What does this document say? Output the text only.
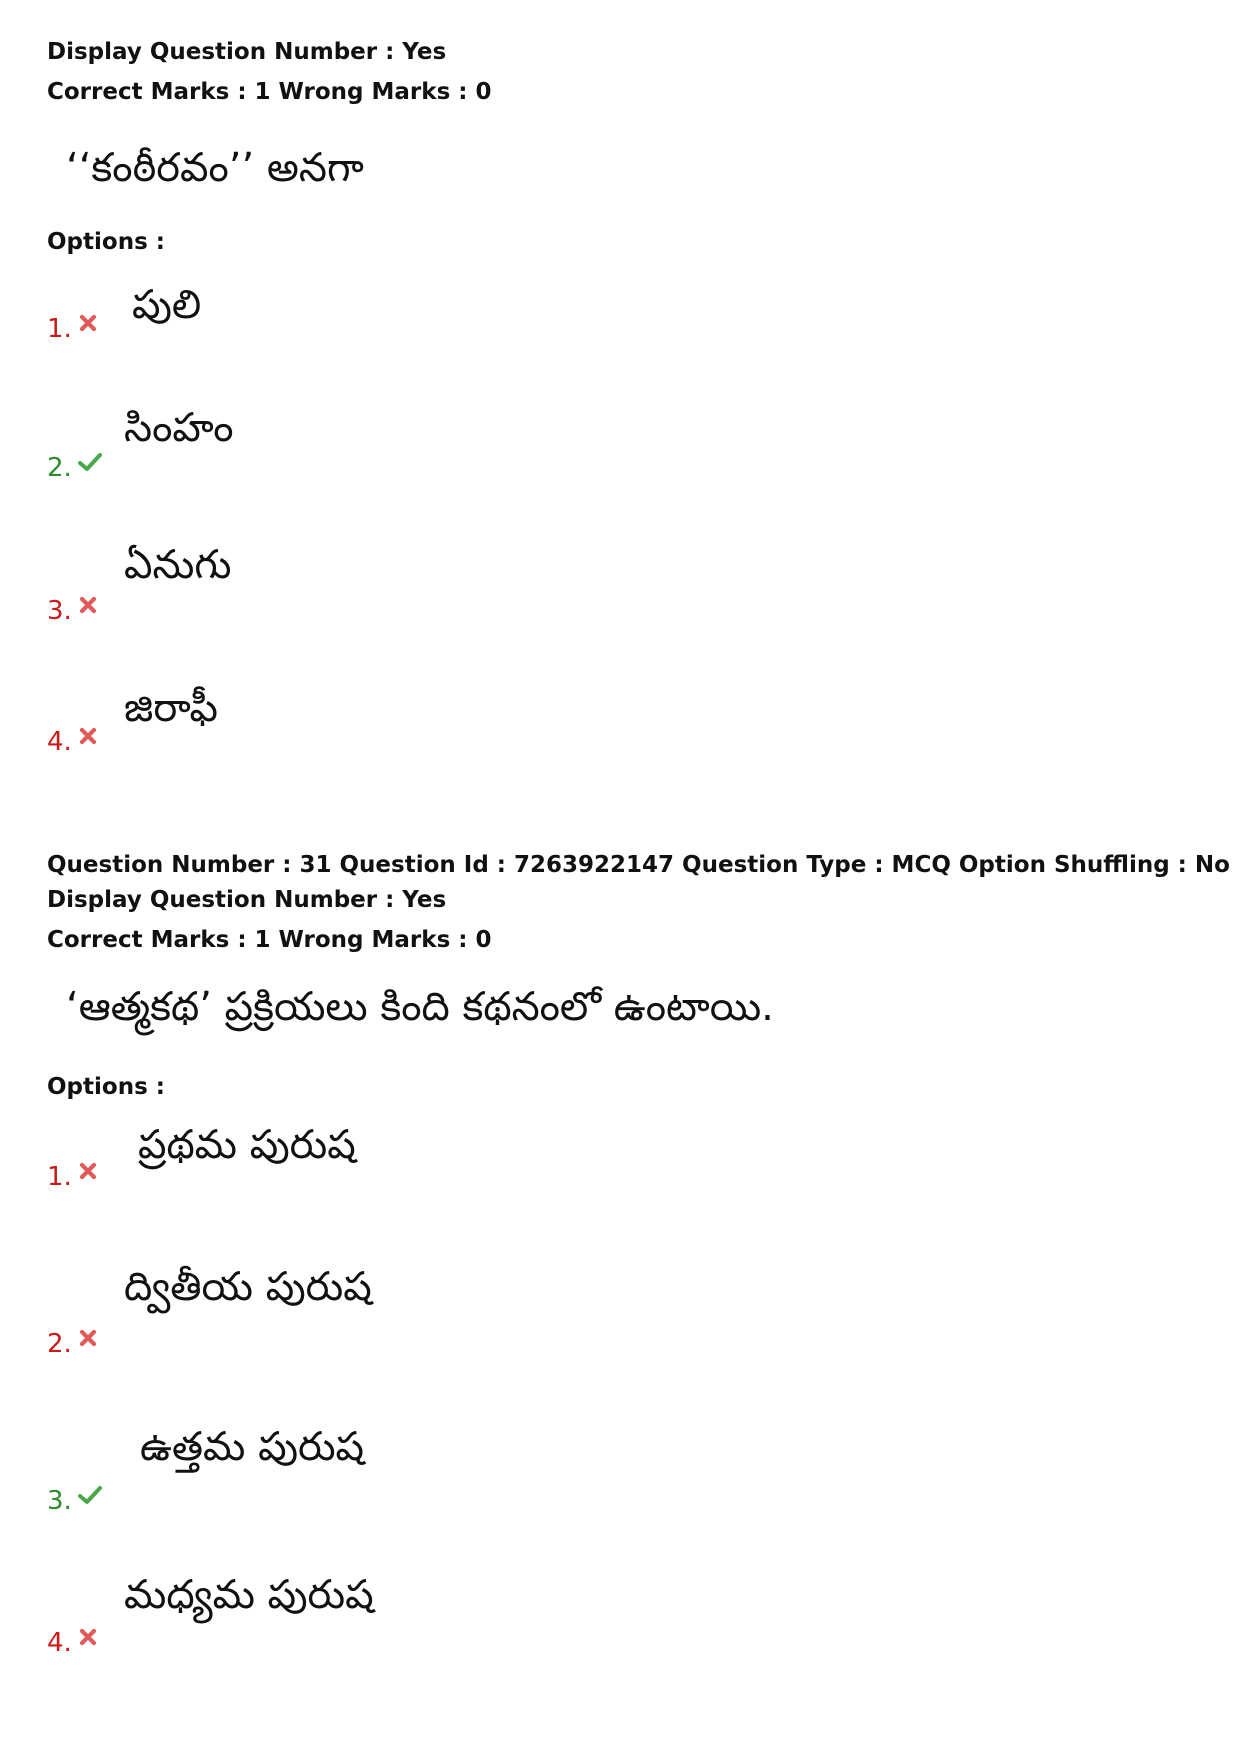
Display Question Number : Yes
Correct Marks : 1 Wrong Marks : 0
‘‘కంఠీరవం’’ అనగా
Options :
పులి
1.
సింహం
2.
ఏనుగు
3.
జిరాఫీ
4.
Question Number : 31 Question Id : 7263922147 Question Type : MCQ Option Shuffling : No
Display Question Number : Yes
Correct Marks : 1 Wrong Marks : 0
‘ఆత్మకథ’ ప్రక్రియలు కింది కథనంలో ఉంటాయి.
Options :
ప్రథమ పురుష
1.
ద్వితీయ పురుష
2.
ఉత్తమ పురుష
3.
మధ్యమ పురుష
4.
